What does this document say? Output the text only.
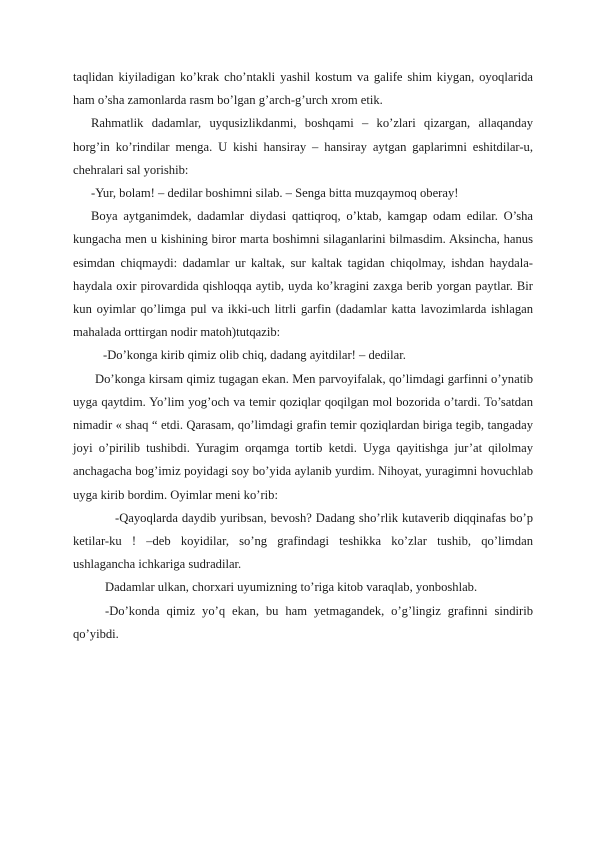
taqlidan kiyiladigan ko’krak cho’ntakli yashil kostum va galife shim kiygan, oyoqlarida ham o’sha zamonlarda rasm bo’lgan g’arch-g’urch xrom etik.

Rahmatlik dadamlar, uyqusizlikdanmi, boshqami – ko’zlari qizargan, allaqanday horg’in ko’rindilar menga. U kishi hansiray – hansiray aytgan gaplarimni eshitdilar-u, chehralari sal yorishib:

-Yur, bolam! – dedilar boshimni silab. – Senga bitta muzqaymoq oberay!

Boya aytganimdek, dadamlar diydasi qattiqroq, o’ktab, kamgap odam edilar. O’sha kungacha men u kishining biror marta boshimni silaganlarini bilmasdim. Aksincha, hanus esimdan chiqmaydi: dadamlar ur kaltak, sur kaltak tagidan chiqolmay, ishdan haydala-haydala oxir pirovardida qishloqqa aytib, uyda ko’kragini zaxga berib yorgan paytlar. Bir kun oyimlar qo’limga pul va ikki-uch litrli garfin (dadamlar katta lavozimlarda ishlagan mahalada orttirgan nodir matoh)tutqazib:

-Do’konga kirib qimiz olib chiq, dadang ayitdilar! – dedilar.

Do’konga kirsam qimiz tugagan ekan. Men parvoyifalak, qo’limdagi garfinni o’ynatib uyga qaytdim. Yo’lim yog’och va temir qoziqlar qoqilgan mol bozorida o’tardi. To’satdan nimadir « shaq “ etdi. Qarasam, qo’limdagi grafin temir qoziqlardan biriga tegib, tangaday joyi o’pirilib tushibdi. Yuragim orqamga tortib ketdi. Uyga qayitishga jur’at qilolmay anchagacha bog’imiz poyidagi soy bo’yida aylanib yurdim. Nihoyat, yuragimni hovuchlab uyga kirib bordim. Oyimlar meni ko’rib:

-Qayoqlarda daydib yuribsan, bevosh? Dadang sho’rlik kutaverib diqqinafas bo’p ketilar-ku ! –deb koyidilar, so’ng grafindagi teshikka ko’zlar tushib, qo’limdan ushlagancha ichkariga sudradilar.

Dadamlar ulkan, chorxari uyumizning to’riga kitob varaqlab, yonboshlab.

-Do’konda qimiz yo’q ekan, bu ham yetmagandek, o’g’lingiz grafinni sindirib qo’yibdi.
